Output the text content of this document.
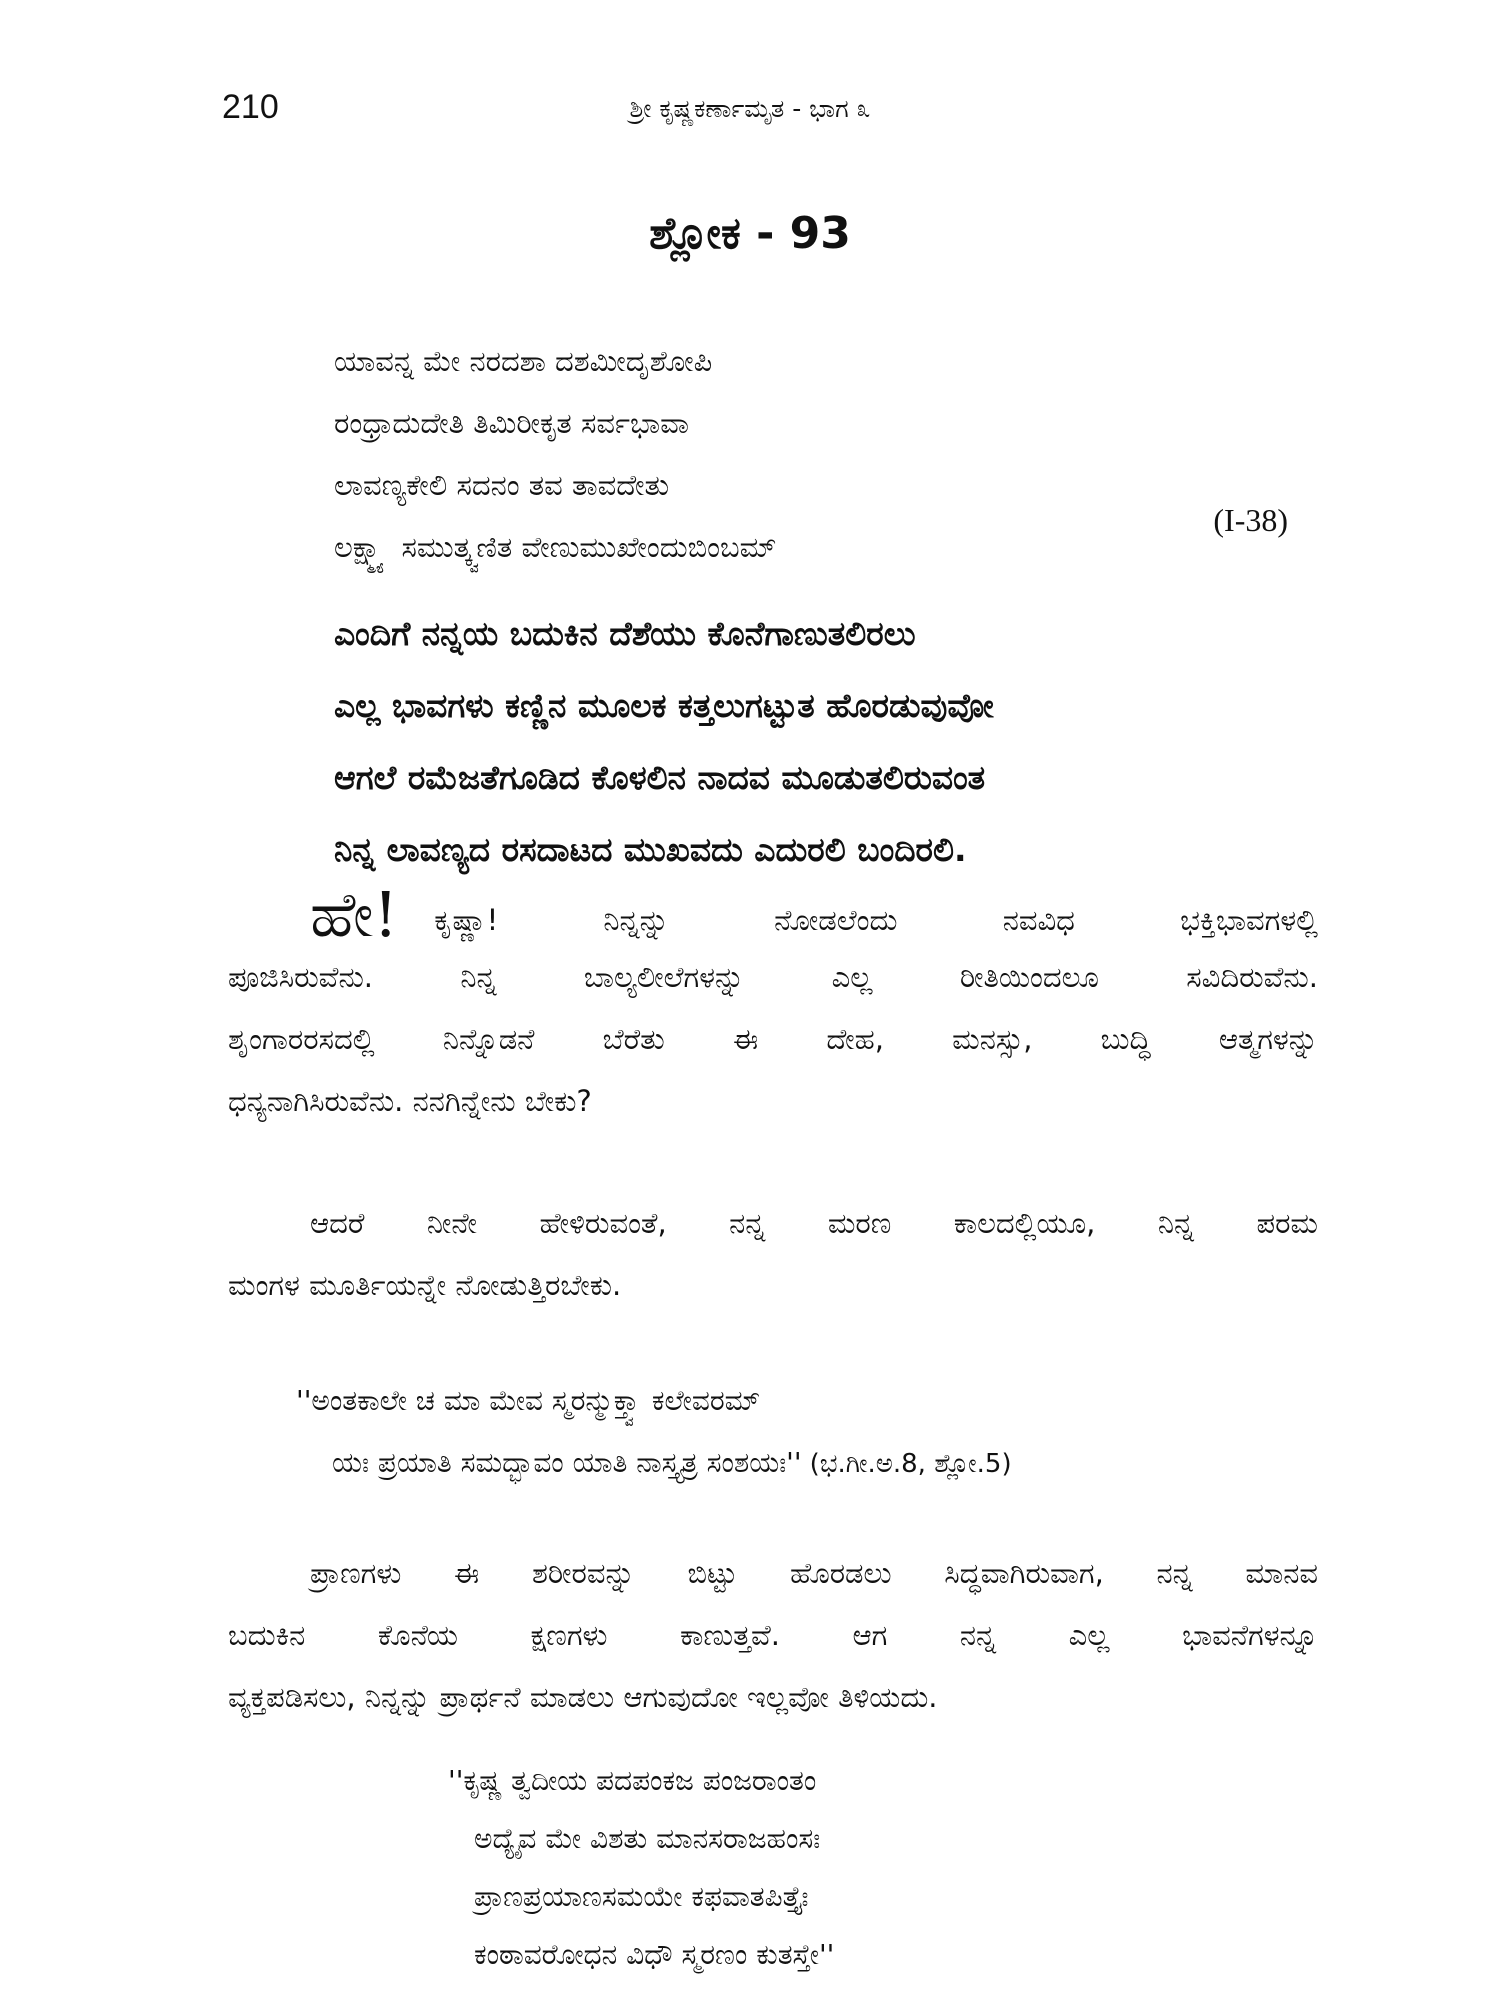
210	ಶ್ರೀ ಕೃಷ್ಣಕರ್ಣಾಮೃತ - ಭಾಗ ೩
ಶ್ಲೋಕ - 93
ಯಾವನ್ನ ಮೇ ನರದಶಾ ದಶಮೀದೃಶೋಪಿ
ರಂಧ್ರಾದುದೇತಿ ತಿಮಿರೀಕೃತ ಸರ್ವಭಾವಾ
ಲಾವಣ್ಯಕೇಲಿ ಸದನಂ ತವ ತಾವದೇತು
ಲಕ್ಷ್ಮ್ಯಾ ಸಮುತ್ಕ್ವಣಿತ ವೇಣುಮುಖೇಂದುಬಿಂಬಮ್
(I-38)
ಎಂದಿಗೆ ನನ್ನಯ ಬದುಕಿನ ದೆಶೆಯು ಕೊನೆಗಾಣುತಲಿರಲು
ಎಲ್ಲ ಭಾವಗಳು ಕಣ್ಣಿನ ಮೂಲಕ ಕತ್ತಲುಗಟ್ಟುತ ಹೊರಡುವುವೋ
ಆಗಲೆ ರಮೆಜತೆಗೂಡಿದ ಕೊಳಲಿನ ನಾದವ ಮೂಡುತಲಿರುವಂತ
ನಿನ್ನ ಲಾವಣ್ಯದ ರಸದಾಟದ ಮುಖವದು ಎದುರಲಿ ಬಂದಿರಲಿ.
ಹೇ! ಕೃಷ್ಣಾ! ನಿನ್ನನ್ನು ನೋಡಲೆಂದು ನವವಿಧ ಭಕ್ತಿಭಾವಗಳಲ್ಲಿ
ಪೂಜಿಸಿರುವೆನು. ನಿನ್ನ ಬಾಲ್ಯಲೀಲೆಗಳನ್ನು ಎಲ್ಲ ರೀತಿಯಿಂದಲೂ ಸವಿದಿರುವೆನು.
ಶೃಂಗಾರರಸದಲ್ಲಿ ನಿನ್ನೊಡನೆ ಬೆರೆತು ಈ ದೇಹ, ಮನಸ್ಸು, ಬುದ್ಧಿ ಆತ್ಮಗಳನ್ನು
ಧನ್ಯನಾಗಿಸಿರುವೆನು. ನನಗಿನ್ನೇನು ಬೇಕು?
ಆದರೆ ನೀನೇ ಹೇಳಿರುವಂತೆ, ನನ್ನ ಮರಣ ಕಾಲದಲ್ಲಿಯೂ, ನಿನ್ನ ಪರಮ
ಮಂಗಳ ಮೂರ್ತಿಯನ್ನೇ ನೋಡುತ್ತಿರಬೇಕು.
''ಅಂತಕಾಲೇ ಚ ಮಾ ಮೇವ ಸ್ಮರನ್ಮುಕ್ತ್ವಾ ಕಲೇವರಮ್
ಯಃ ಪ್ರಯಾತಿ ಸಮದ್ಭಾವಂ ಯಾತಿ ನಾಸ್ತ್ಯತ್ರ ಸಂಶಯಃ'' (ಭ.ಗೀ.ಅ.8, ಶ್ಲೋ.5)
ಪ್ರಾಣಗಳು ಈ ಶರೀರವನ್ನು ಬಿಟ್ಟು ಹೊರಡಲು ಸಿದ್ಧವಾಗಿರುವಾಗ, ನನ್ನ ಮಾನವ
ಬದುಕಿನ ಕೊನೆಯ ಕ್ಷಣಗಳು ಕಾಣುತ್ತವೆ. ಆಗ ನನ್ನ ಎಲ್ಲ ಭಾವನೆಗಳನ್ನೂ
ವ್ಯಕ್ತಪಡಿಸಲು, ನಿನ್ನನ್ನು ಪ್ರಾರ್ಥನೆ ಮಾಡಲು ಆಗುವುದೋ ಇಲ್ಲವೋ ತಿಳಿಯದು.
''ಕೃಷ್ಣ ತ್ವದೀಯ ಪದಪಂಕಜ ಪಂಜರಾಂತಂ
ಅದ್ಯೈವ ಮೇ ವಿಶತು ಮಾನಸರಾಜಹಂಸಃ
ಪ್ರಾಣಪ್ರಯಾಣಸಮಯೇ ಕಫವಾತಪಿತ್ತೈಃ
ಕಂಠಾವರೋಧನ ವಿಧೌ ಸ್ಮರಣಂ ಕುತಸ್ತೇ''
